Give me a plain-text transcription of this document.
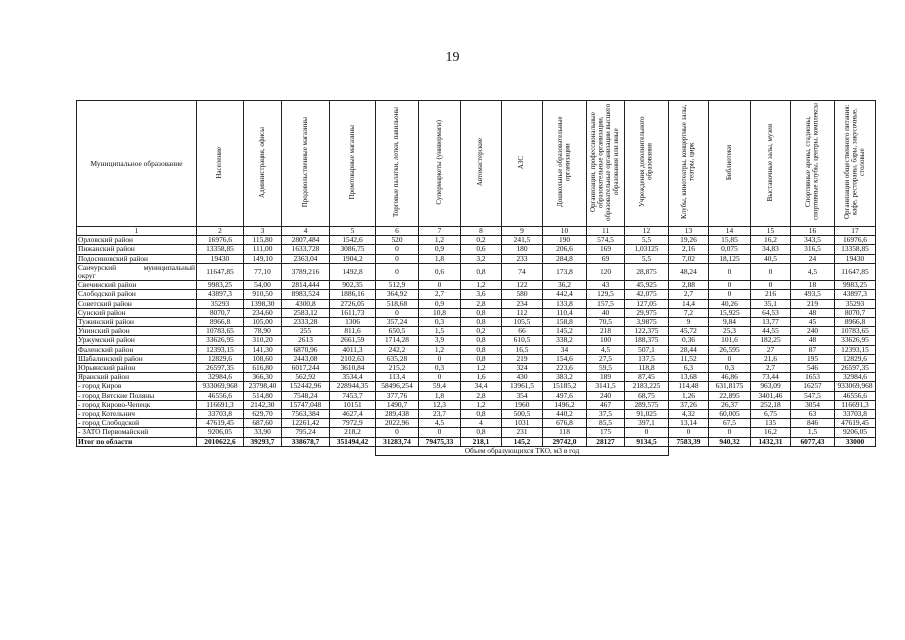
19
Муниципальное образование	Население	Администрация, офисы	Продовольственные магазины	Промтоварные магазины	Торговые палатки, лотки, павильоны	Супермаркеты (универмаги)	Автомастерские	АЗС	Дошкольные образовательные организации	Организации, профессиональные образовательные организации, образовательные организации высшего образования или иные	Учреждения дополнительного образования	Клубы, кинотеатры, концертные залы, театры, цирк	Библиотеки	Выставочные залы, музеи	Спортивные арены, стадионы, спортивные клубы, центры, комплексы	Организации общественного питания: кафе, рестораны, бары, закусочные, столовые
1	2	3	4	5	6	7	8	9	10	11	12	13	14	15	16	17
Орловский район	16976,6	115,80	2807,484	1542,6	520	1,2	0,2	241,5	190	574,5	5,5	19,26	15,85	16,2	343,5	16976,6
Пижанский район	13358,85	111,00	1633,728	3086,75	0	0,9	0,6	180	206,6	169	1,03125	2,16	0,075	34,83	316,5	13358,85
Подосиновский район	19430	149,10	2363,04	1904,2	0	1,8	3,2	233	284,8	69	5,5	7,02	18,125	40,5	24	19430

Санчурский муниципальный
округ	11647,85	77,10	3789,216	1492,8	0	0,6	0,8	74	173,8	120	28,875	48,24	0	0	4,5	11647,85
Свечинский район	9983,25	54,00	2814,444	902,35	512,9	0	1,2	122	36,2	43	45,925	2,88	0	0	18	9983,25
Слободской район	43897,3	910,50	8983,524	1886,16	364,92	2,7	3,6	580	442,4	129,5	42,075	2,7	0	216	493,5	43897,3
Советский район	35293	1398,30	4300,8	2726,05	518,68	0,9	2,8	234	133,8	157,5	127,05	14,4	40,26	35,1	219	35293
Сунский район	8070,7	234,60	2583,12	1611,73	0	10,8	0,8	112	110,4	40	29,975	7,2	15,925	64,53	48	8070,7
Тужинский район	8966,8	105,00	2333,28	1306	357,24	0,3	0,8	105,5	158,8	70,5	3,9875	9	9,84	13,77	45	8966,8
Унинский район	10783,65	78,90	255	811,6	650,5	1,5	0,2	66	145,2	218	122,375	45,72	25,3	44,55	240	10783,65
Уржумский район	33626,95	310,20	2613	2661,59	1714,28	3,9	0,8	610,5	338,2	100	188,375	0,36	101,6	182,25	48	33626,95
Фаленский район	12393,15	141,30	6870,96	4011,3	242,2	1,2	0,8	16,5	34	4,5	507,1	28,44	26,595	27	87	12393,15
Шабалинский район	12829,6	108,60	2443,08	2102,63	635,28	0	0,8	219	154,6	27,5	137,5	11,52	0	21,6	195	12829,6
Юрьянский район	26597,35	616,80	6017,244	3610,84	215,2	0,3	1,2	324	223,6	59,5	118,8	6,3	0,3	2,7	546	26597,35
Яранский район	32984,6	366,30	562,92	3534,4	113,4	0	1,6	430	383,2	189	87,45	13,68	46,86	73,44	1653	32984,6
- город Киров	933069,968	23798,40	152442,96	228944,35	58496,254	59,4	34,4	13961,5	15185,2	3141,5	2183,225	114,48	631,8175	963,09	16257	933069,968
- город Вятские Поляны	46556,6	514,80	7548,24	7453,7	377,76	1,8	2,8	354	497,6	240	68,75	1,26	22,895	3401,46	547,5	46556,6
- город Кирово-Чепецк	116691,3	2142,30	15747,048	10151	1490,7	12,3	1,2	1960	1496,2	467	289,575	37,26	26,37	252,18	3054	116691,3
- город Котельнич	33703,8	629,70	7563,384	4627,4	289,438	23,7	0,8	500,5	440,2	37,5	91,025	4,32	60,005	6,75	63	33703,8
- город Слободской	47619,45	687,60	12261,42	7972,9	2022,96	4,5	4	1031	676,8	85,5	397,1	13,14	67,5	135	846	47619,45
- ЗАТО Первомайский	9206,05	33,90	795,24	218,2	0	0	0,8	231	118	175	0	0	0	16,2	1,5	9206,05
Итог по области	2010622,6	39293,7	338678,7	351494,42	31283,74	79475,33	218,1	145,2	29742,0	28127	9134,5	7583,39	940,32	1432,31	6077,43	33000
					Объем образующихся ТКО, м3 в год											
